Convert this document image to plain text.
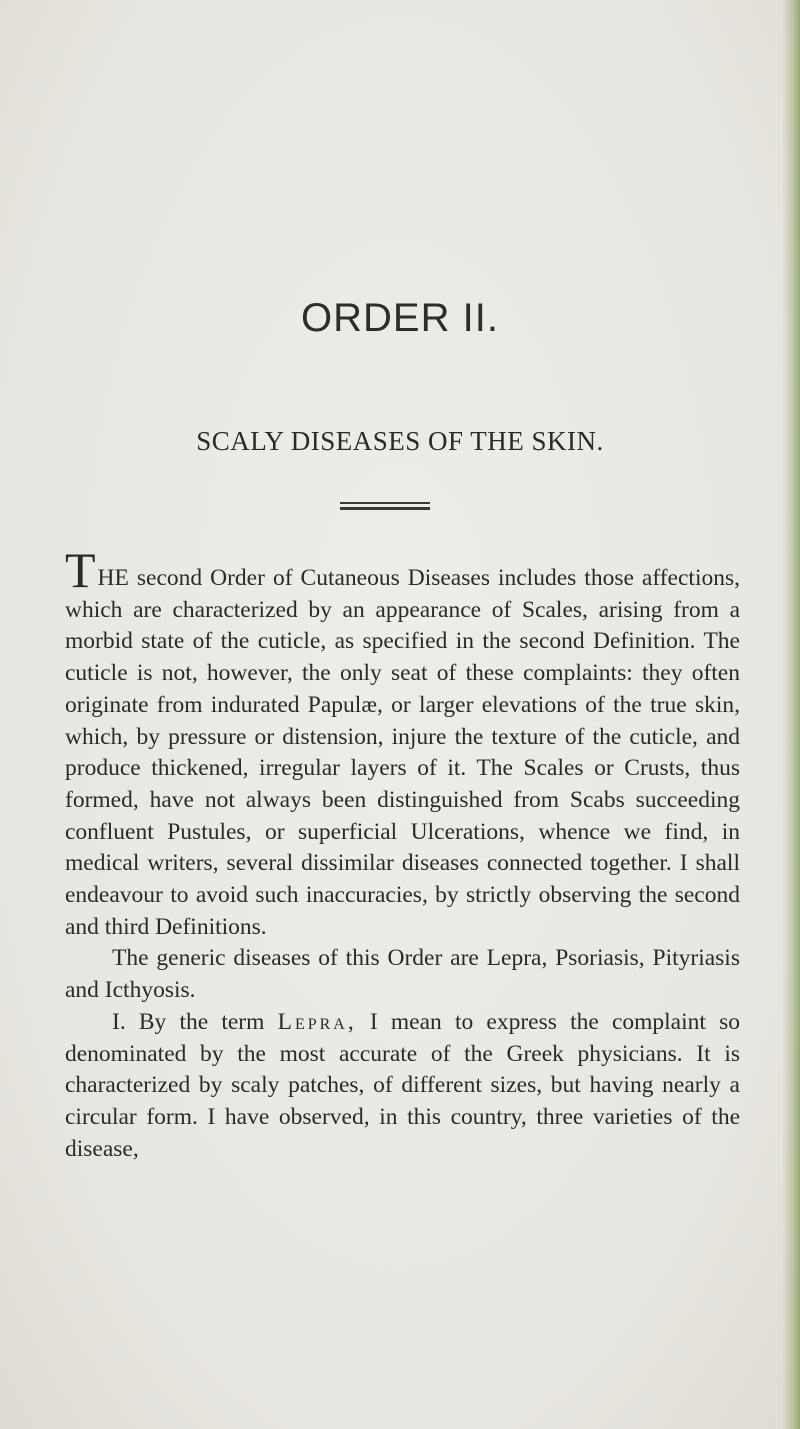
ORDER II.
SCALY DISEASES OF THE SKIN.

THE second Order of Cutaneous Diseases includes those affections, which are characterized by an appearance of Scales, arising from a morbid state of the cuticle, as specified in the second Definition. The cuticle is not, however, the only seat of these complaints: they often originate from indurated Papulæ, or larger elevations of the true skin, which, by pressure or distension, injure the texture of the cuticle, and produce thickened, irregular layers of it. The Scales or Crusts, thus formed, have not always been distinguished from Scabs succeeding confluent Pustules, or superficial Ulcerations, whence we find, in medical writers, several dissimilar diseases connected together. I shall endeavour to avoid such inaccuracies, by strictly observing the second and third Definitions.

The generic diseases of this Order are Lepra, Psoriasis, Pityriasis and Icthyosis.

I. By the term Lepra, I mean to express the complaint so denominated by the most accurate of the Greek physicians. It is characterized by scaly patches, of different sizes, but having nearly a circular form. I have observed, in this country, three varieties of the disease,
